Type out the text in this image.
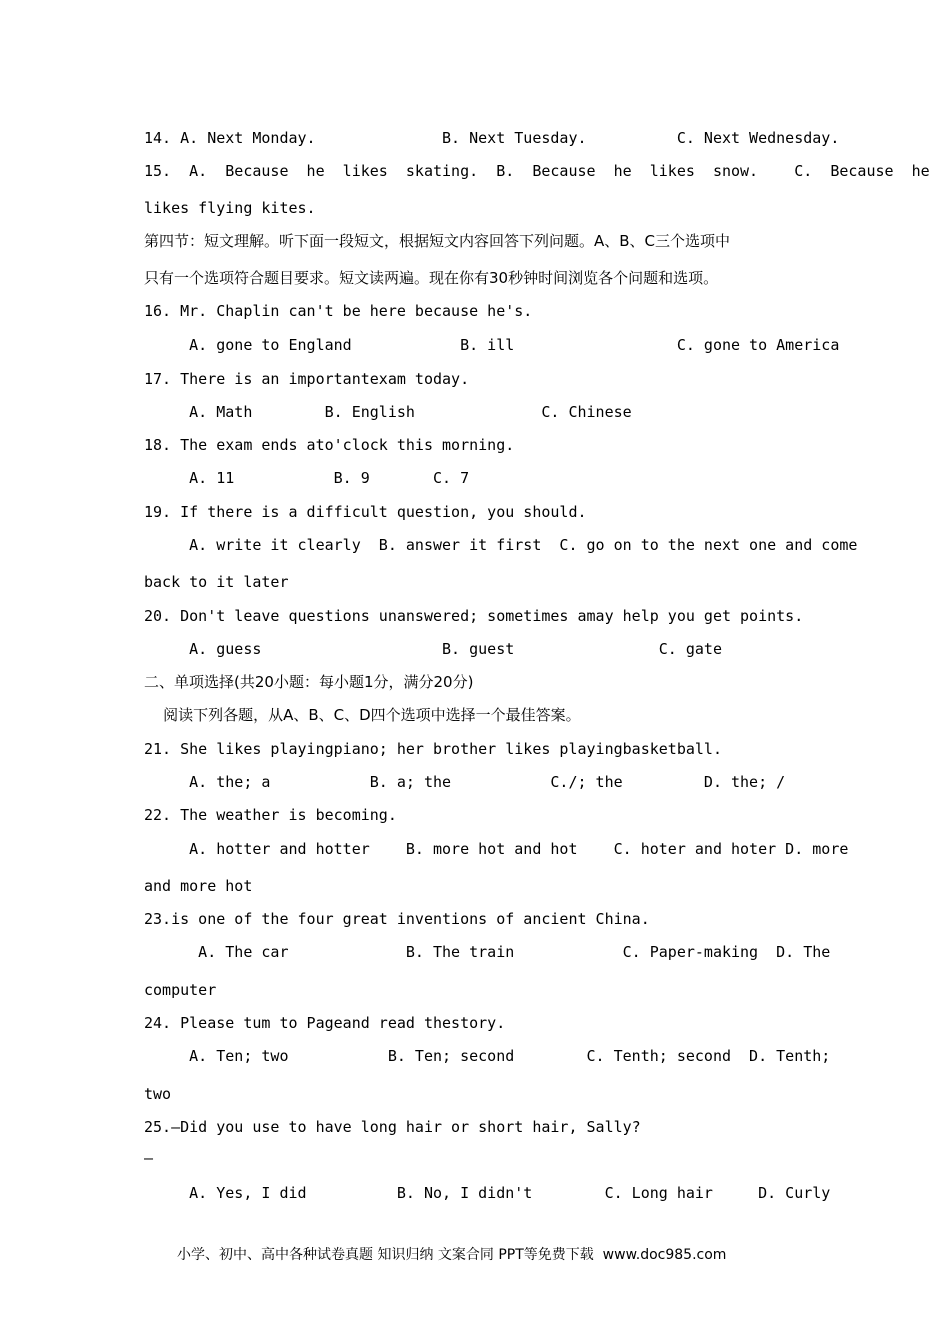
14. A. Next Monday.              B. Next Tuesday.          C. Next Wednesday.
15.  A.  Because  he  likes  skating.  B.  Because  he  likes  snow.    C.  Because  he
likes flying kites.
第四节：短文理解。听下面一段短文，根据短文内容回答下列问题。A、B、C三个选项中
只有一个选项符合题目要求。短文读两遍。现在你有30秒钟时间浏览各个问题和选项。
16. Mr. Chaplin can't be here because he's.
A. gone to England            B. ill                  C. gone to America
17. There is an importantexam today.
A. Math        B. English              C. Chinese
18. The exam ends ato'clock this morning.
A. 11           B. 9       C. 7
19. If there is a difficult question, you should.
A. write it clearly  B. answer it first  C. go on to the next one and come
back to it later
20. Don't leave questions unanswered; sometimes amay help you get points.
A. guess                    B. guest                C. gate
二、单项选择(共20小题：每小题1分，满分20分)
阅读下列各题，从A、B、C、D四个选项中选择一个最佳答案。
21. She likes playingpiano; her brother likes playingbasketball.
A. the; a           B. a; the           C./; the         D. the; /
22. The weather is becoming.
A. hotter and hotter    B. more hot and hot    C. hoter and hoter D. more
and more hot
23.is one of the four great inventions of ancient China.
A. The car             B. The train            C. Paper-making  D. The
computer
24. Please tum to Pageand read thestory.
A. Ten; two           B. Ten; second        C. Tenth; second  D. Tenth;
two
25.—Did you use to have long hair or short hair, Sally?
—
A. Yes, I did          B. No, I didn't        C. Long hair     D. Curly
小学、初中、高中各种试卷真题 知识归纳 文案合同 PPT等免费下载  www.doc985.com
